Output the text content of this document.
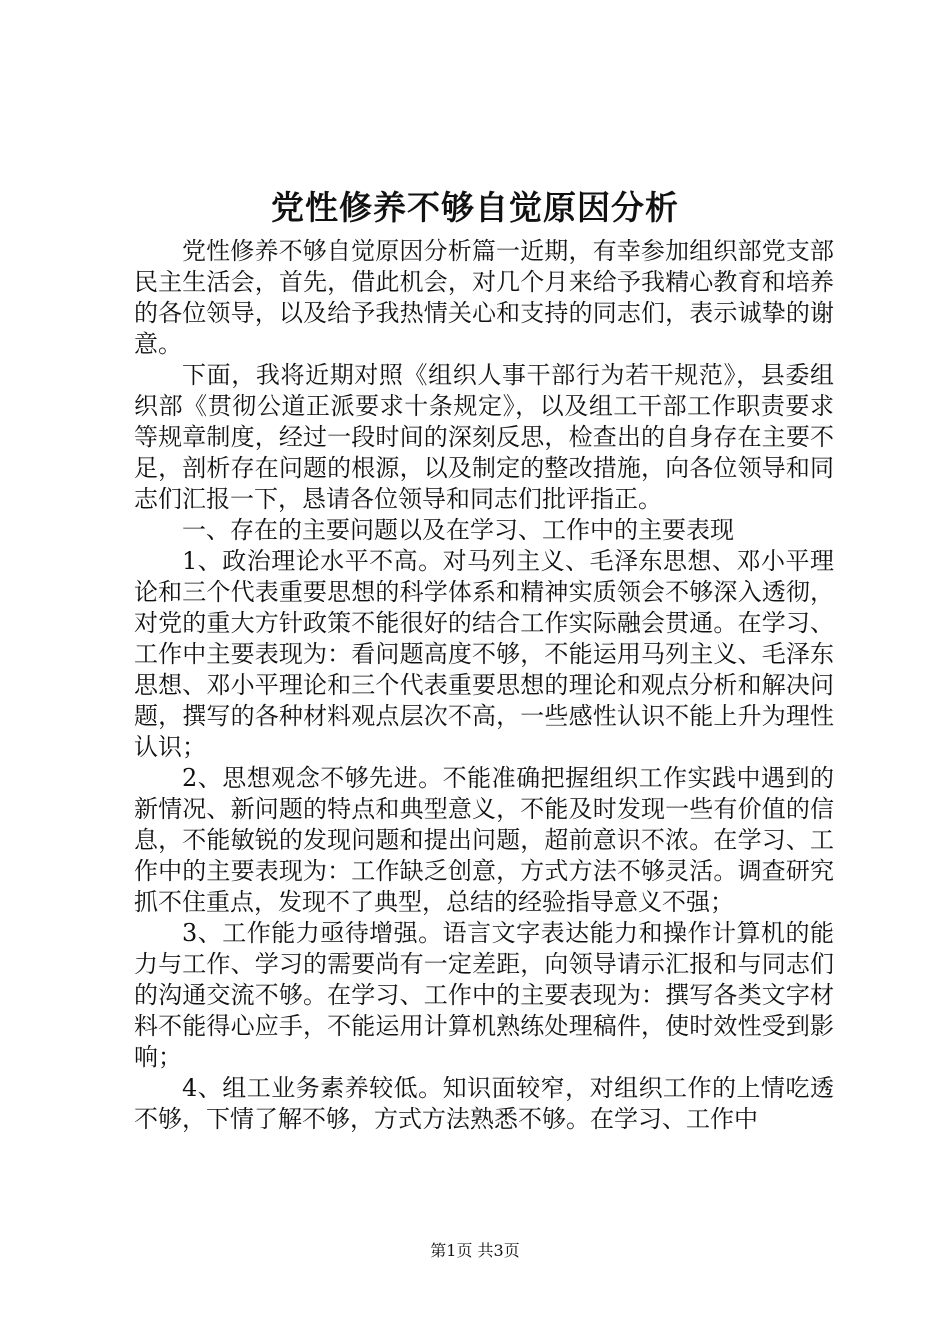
党性修养不够自觉原因分析

党性修养不够自觉原因分析篇一近期，有幸参加组织部党支部民主生活会，首先，借此机会，对几个月来给予我精心教育和培养的各位领导，以及给予我热情关心和支持的同志们，表示诚挚的谢意。

下面，我将近期对照《组织人事干部行为若干规范》，县委组织部《贯彻公道正派要求十条规定》，以及组工干部工作职责要求等规章制度，经过一段时间的深刻反思，检查出的自身存在主要不足，剖析存在问题的根源，以及制定的整改措施，向各位领导和同志们汇报一下，恳请各位领导和同志们批评指正。

一、存在的主要问题以及在学习、工作中的主要表现

1、政治理论水平不高。对马列主义、毛泽东思想、邓小平理论和三个代表重要思想的科学体系和精神实质领会不够深入透彻，对党的重大方针政策不能很好的结合工作实际融会贯通。在学习、工作中主要表现为：看问题高度不够，不能运用马列主义、毛泽东思想、邓小平理论和三个代表重要思想的理论和观点分析和解决问题，撰写的各种材料观点层次不高，一些感性认识不能上升为理性认识；

2、思想观念不够先进。不能准确把握组织工作实践中遇到的新情况、新问题的特点和典型意义，不能及时发现一些有价值的信息，不能敏锐的发现问题和提出问题，超前意识不浓。在学习、工作中的主要表现为：工作缺乏创意，方式方法不够灵活。调查研究抓不住重点，发现不了典型，总结的经验指导意义不强；

3、工作能力亟待增强。语言文字表达能力和操作计算机的能力与工作、学习的需要尚有一定差距，向领导请示汇报和与同志们的沟通交流不够。在学习、工作中的主要表现为：撰写各类文字材料不能得心应手，不能运用计算机熟练处理稿件，使时效性受到影响；

4、组工业务素养较低。知识面较窄，对组织工作的上情吃透不够，下情了解不够，方式方法熟悉不够。在学习、工作中

第1页 共3页
